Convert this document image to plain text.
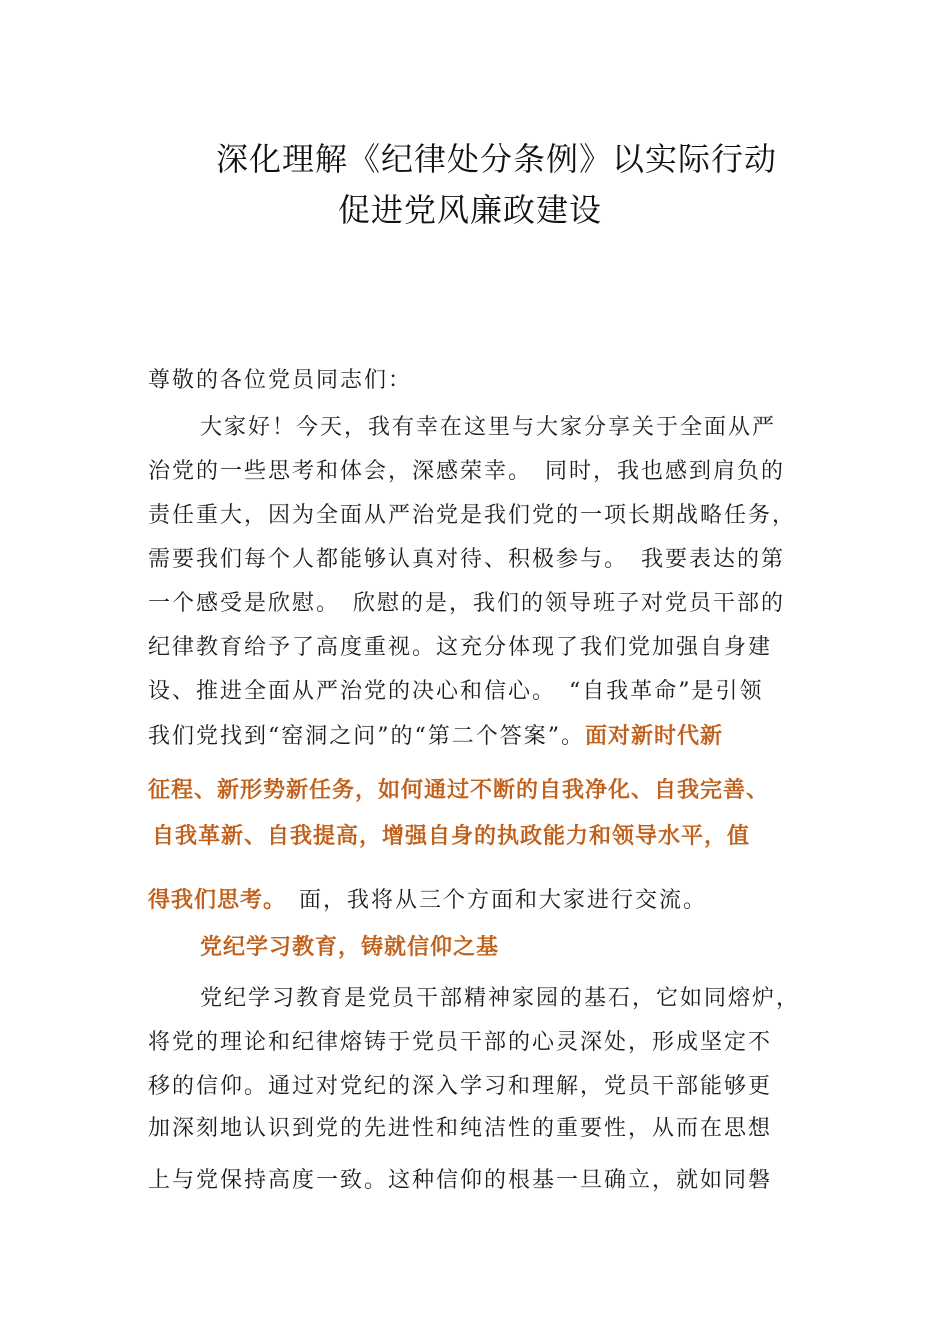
深化理解《纪律处分条例》以实际行动
促进党风廉政建设
尊敬的各位党员同志们：
大家好！今天，我有幸在这里与大家分享关于全面从严
治党的一些思考和体会，深感荣幸。　同时，我也感到肩负的
责任重大，因为全面从严治党是我们党的一项长期战略任务，
需要我们每个人都能够认真对待、积极参与。　我要表达的第
一个感受是欣慰。　欣慰的是，我们的领导班子对党员干部的
纪律教育给予了高度重视。这充分体现了我们党加强自身建
设、推进全面从严治党的决心和信心。　“自我革命”是引领
我们党找到“窑洞之问”的“第二个答案”。面对新时代新
征程、新形势新任务，如何通过不断的自我净化、自我完善、
自我革新、自我提高，增强自身的执政能力和领导水平，值
得我们思考。　面，我将从三个方面和大家进行交流。
党纪学习教育，铸就信仰之基
党纪学习教育是党员干部精神家园的基石，它如同熔炉，
将党的理论和纪律熔铸于党员干部的心灵深处，形成坚定不
移的信仰。通过对党纪的深入学习和理解，党员干部能够更
加深刻地认识到党的先进性和纯洁性的重要性，从而在思想
上与党保持高度一致。这种信仰的根基一旦确立，就如同磐
